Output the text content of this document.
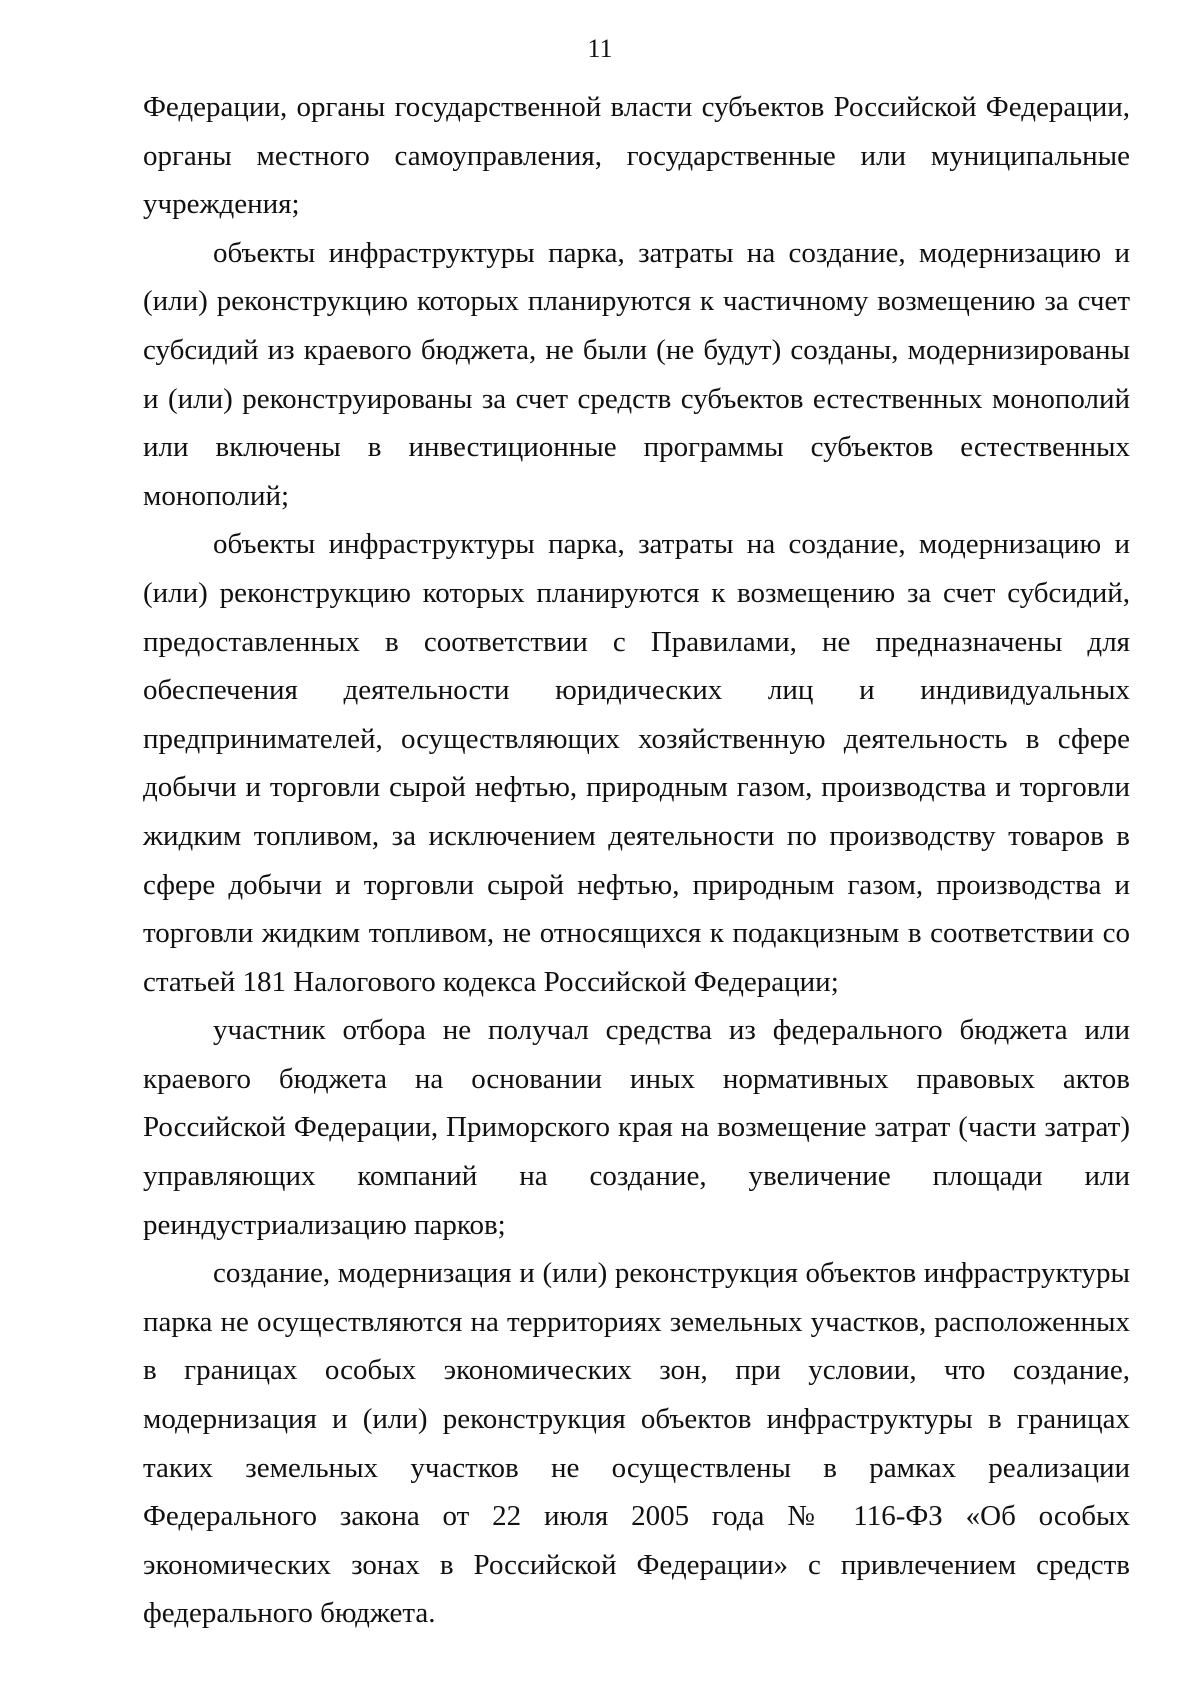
11

Федерации, органы государственной власти субъектов Российской Федерации, органы местного самоуправления, государственные или муниципальные учреждения;

объекты инфраструктуры парка, затраты на создание, модернизацию и (или) реконструкцию которых планируются к частичному возмещению за счет субсидий из краевого бюджета, не были (не будут) созданы, модернизированы и (или) реконструированы за счет средств субъектов естественных монополий или включены в инвестиционные программы субъектов естественных монополий;

объекты инфраструктуры парка, затраты на создание, модернизацию и (или) реконструкцию которых планируются к возмещению за счет субсидий, предоставленных в соответствии с Правилами, не предназначены для обеспечения деятельности юридических лиц и индивидуальных предпринимателей, осуществляющих хозяйственную деятельность в сфере добычи и торговли сырой нефтью, природным газом, производства и торговли жидким топливом, за исключением деятельности по производству товаров в сфере добычи и торговли сырой нефтью, природным газом, производства и торговли жидким топливом, не относящихся к подакцизным в соответствии со статьей 181 Налогового кодекса Российской Федерации;

участник отбора не получал средства из федерального бюджета или краевого бюджета на основании иных нормативных правовых актов Российской Федерации, Приморского края на возмещение затрат (части затрат) управляющих компаний на создание, увеличение площади или реиндустриализацию парков;

создание, модернизация и (или) реконструкция объектов инфраструктуры парка не осуществляются на территориях земельных участков, расположенных в границах особых экономических зон, при условии, что создание, модернизация и (или) реконструкция объектов инфраструктуры в границах таких земельных участков не осуществлены в рамках реализации Федерального закона от 22 июля 2005 года № 116-ФЗ «Об особых экономических зонах в Российской Федерации» с привлечением средств федерального бюджета.
